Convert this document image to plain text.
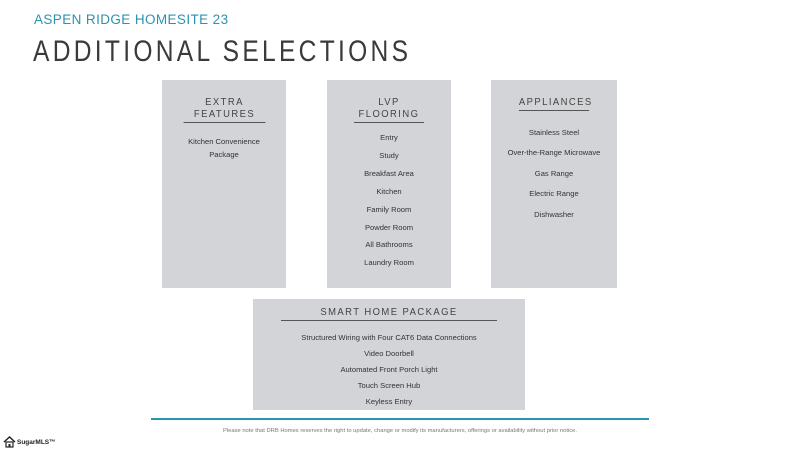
ASPEN RIDGE HOMESITE 23
ADDITIONAL SELECTIONS
EXTRA FEATURES
Kitchen Convenience
Package
LVP FLOORING
Entry
Study
Breakfast Area
Kitchen
Family Room
Powder Room
All Bathrooms
Laundry Room
APPLIANCES
Stainless Steel
Over-the-Range Microwave
Gas Range
Electric Range
Dishwasher
SMART HOME PACKAGE
Structured Wiring with Four CAT6 Data Connections
Video Doorbell
Automated Front Porch Light
Touch Screen Hub
Keyless Entry
Please note that DRB Homes reserves the right to update, change or modify its manufacturers, offerings or availability without prior notice.
SugarMLS™
